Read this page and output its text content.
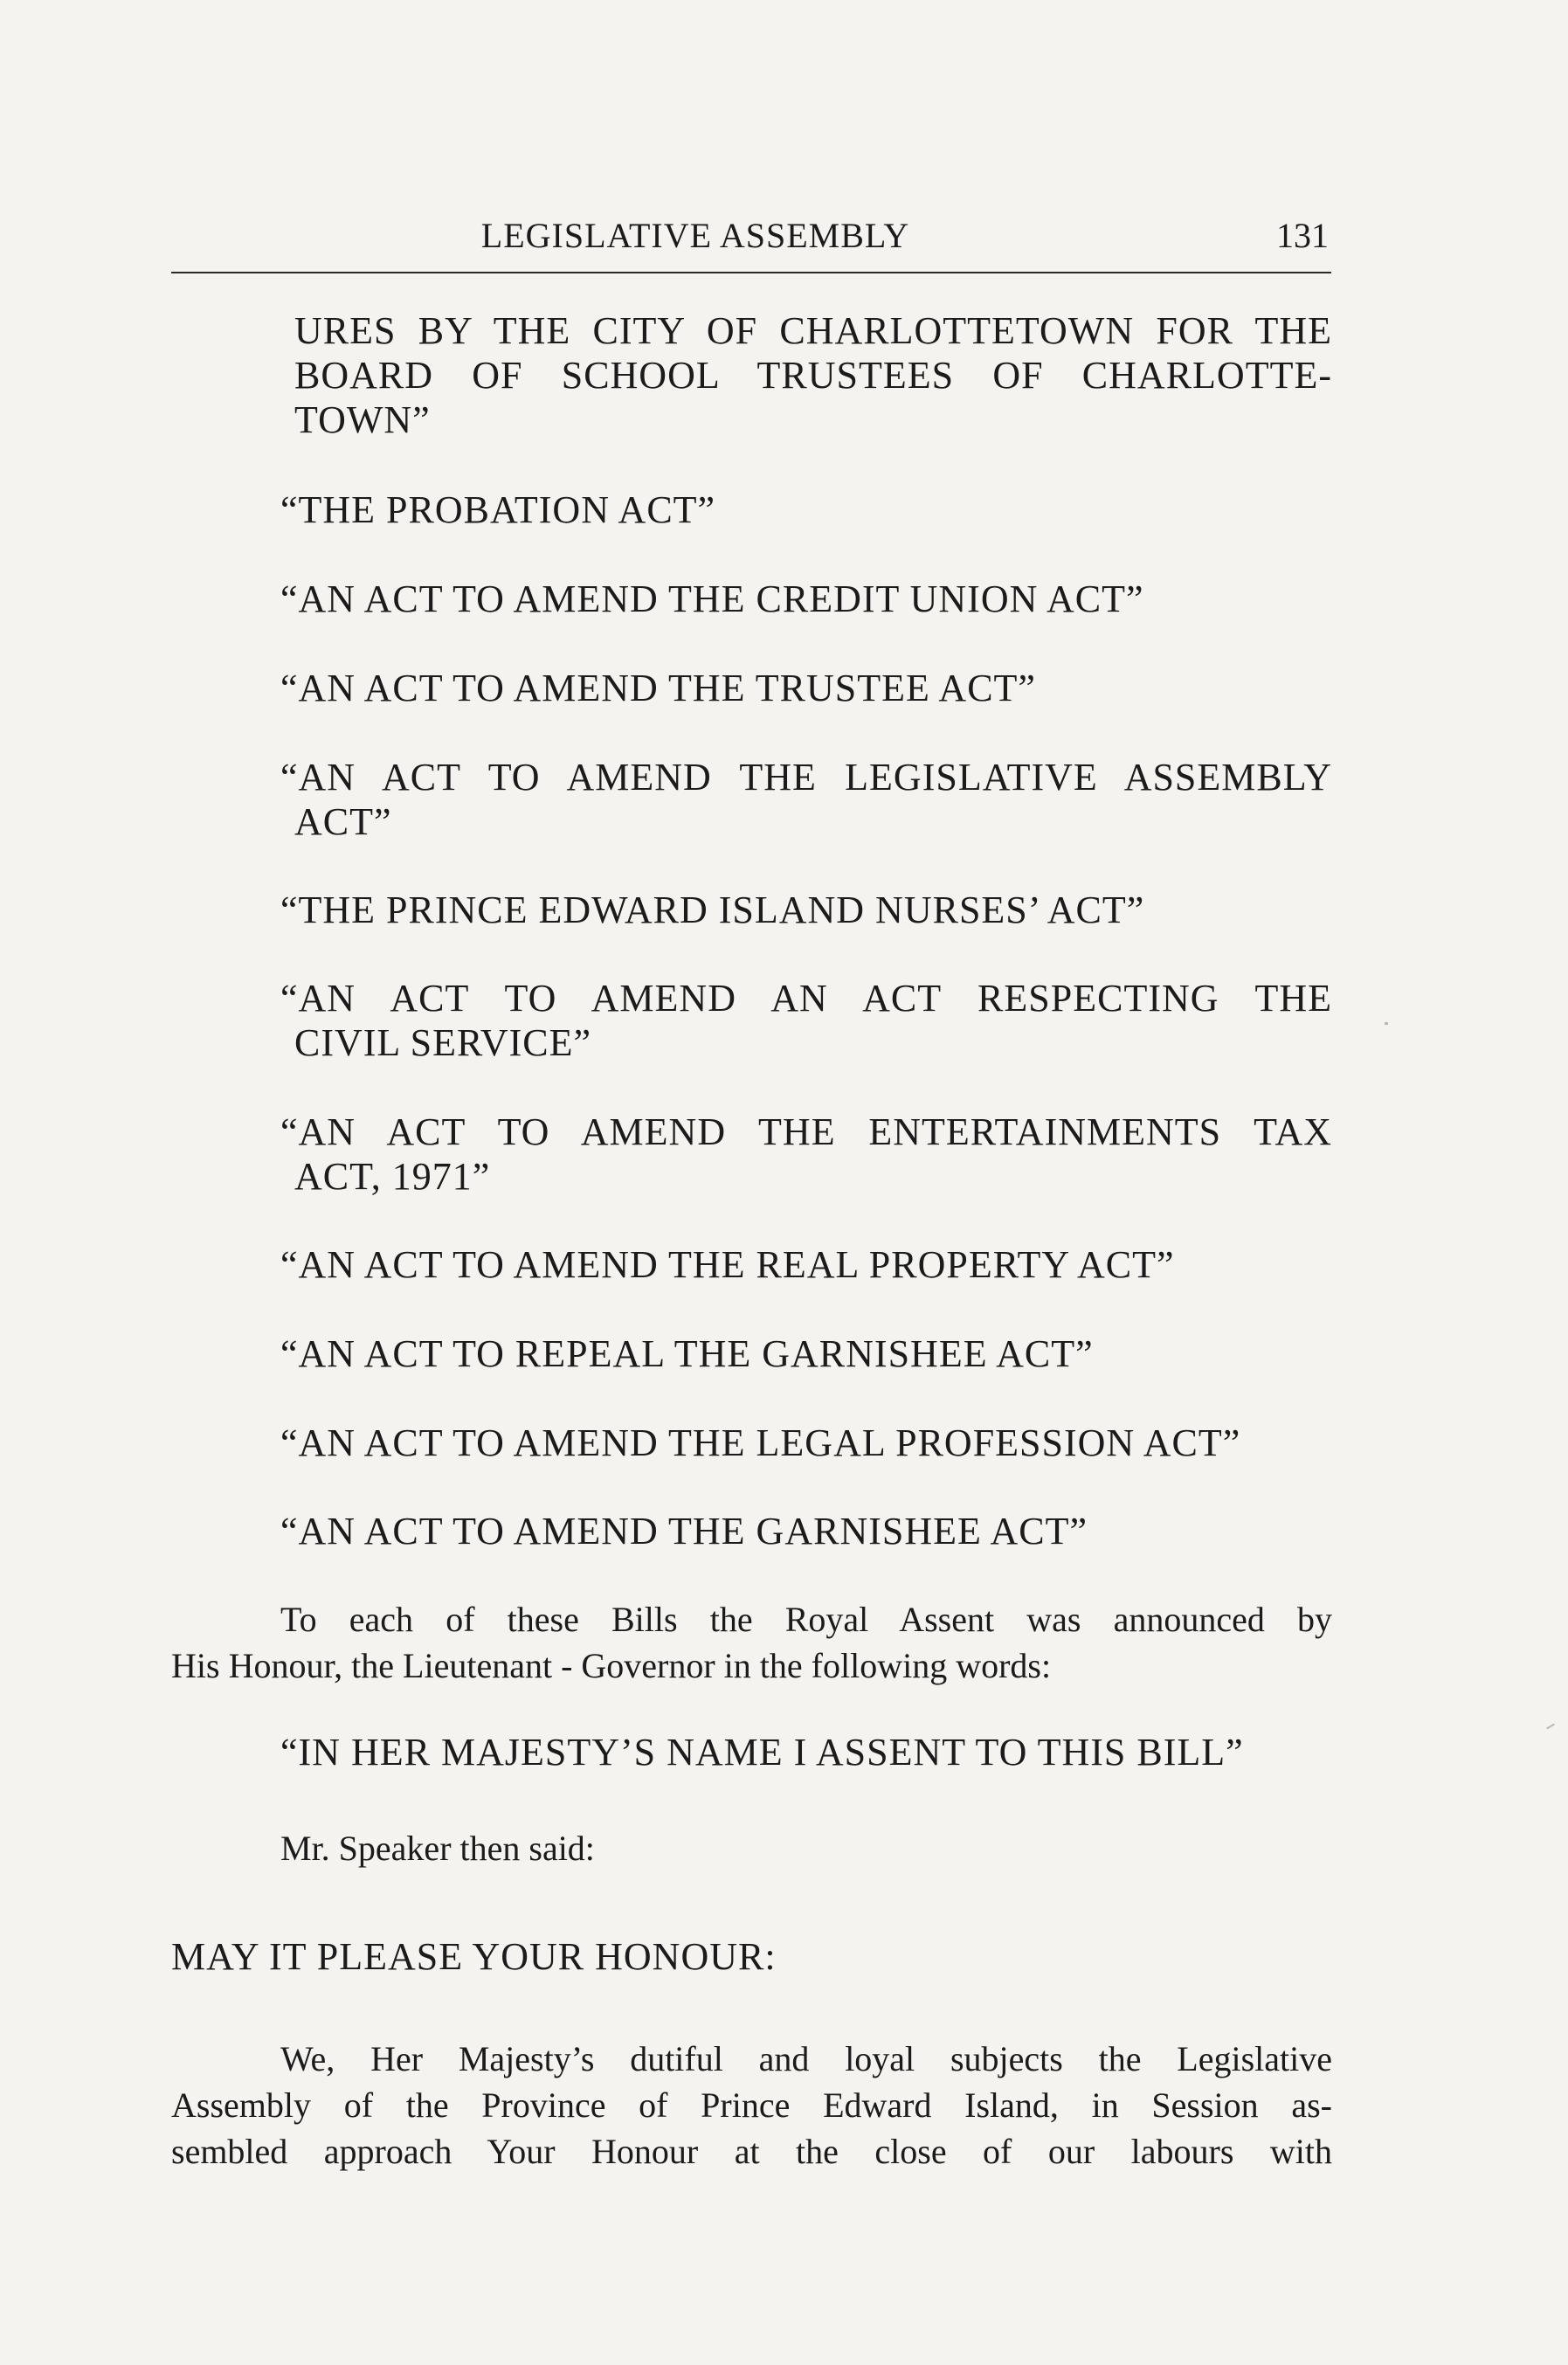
LEGISLATIVE ASSEMBLY	131
URES BY THE CITY OF CHARLOTTETOWN FOR THE
BOARD OF SCHOOL TRUSTEES OF CHARLOTTE-
TOWN”
“THE PROBATION ACT”
“AN ACT TO AMEND THE CREDIT UNION ACT”
“AN ACT TO AMEND THE TRUSTEE ACT”
“AN ACT TO AMEND THE LEGISLATIVE ASSEMBLY
ACT”
“THE PRINCE EDWARD ISLAND NURSES’ ACT”
“AN ACT TO AMEND AN ACT RESPECTING THE
CIVIL SERVICE”
“AN ACT TO AMEND THE ENTERTAINMENTS TAX
ACT, 1971”
“AN ACT TO AMEND THE REAL PROPERTY ACT”
“AN ACT TO REPEAL THE GARNISHEE ACT”
“AN ACT TO AMEND THE LEGAL PROFESSION ACT”
“AN ACT TO AMEND THE GARNISHEE ACT”
To each of these Bills the Royal Assent was announced by
His Honour, the Lieutenant - Governor in the following words:
“IN HER MAJESTY’S NAME I ASSENT TO THIS BILL”
Mr. Speaker then said:
MAY IT PLEASE YOUR HONOUR:
We, Her Majesty’s dutiful and loyal subjects the Legislative
Assembly of the Province of Prince Edward Island, in Session as-
sembled approach Your Honour at the close of our labours with
